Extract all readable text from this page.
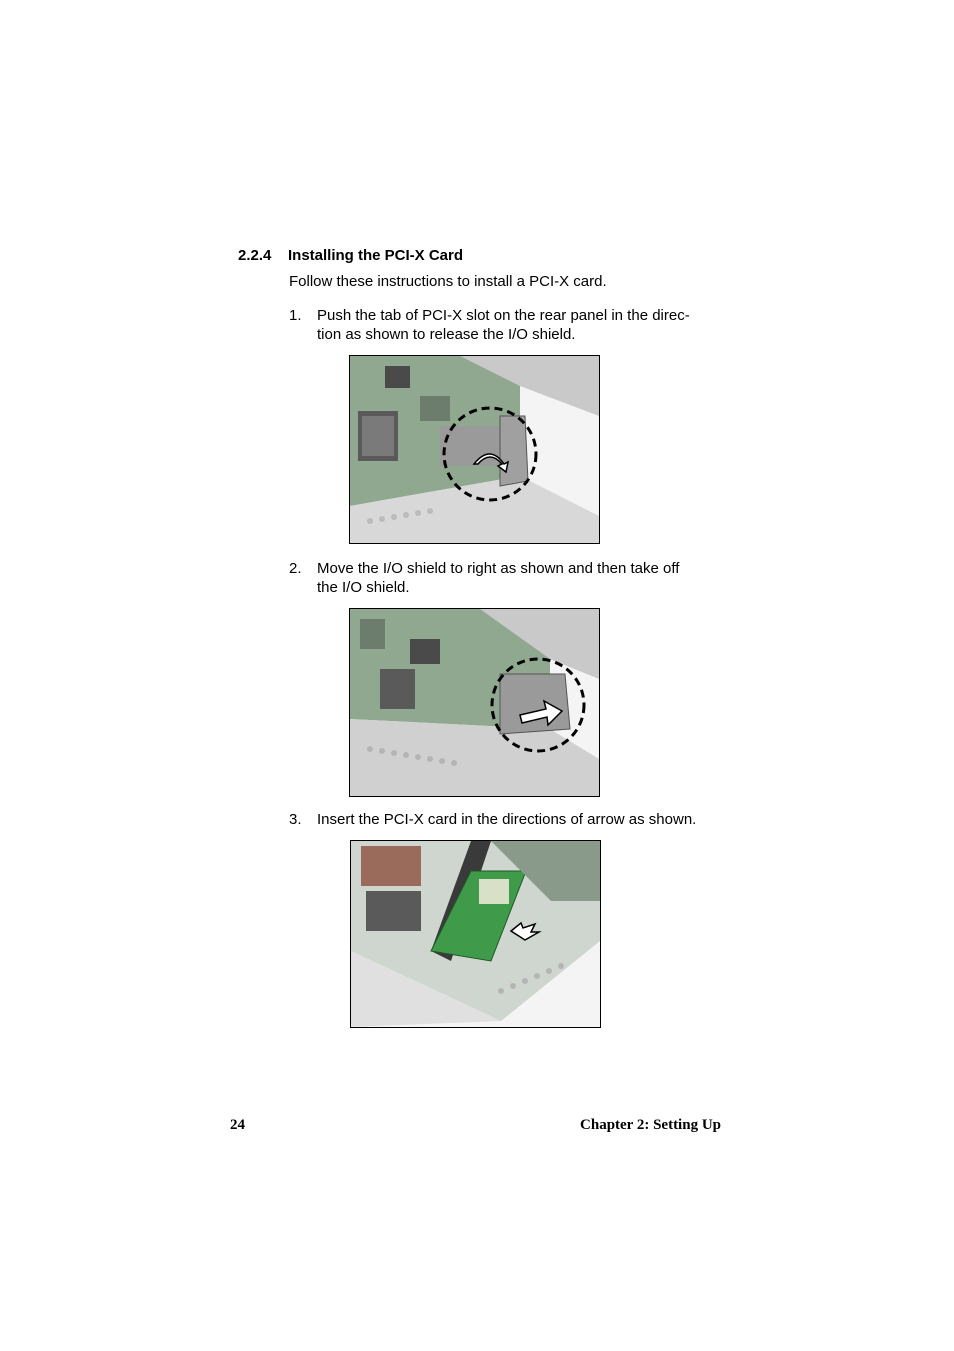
2.2.4 Installing the PCI-X Card
Follow these instructions to install a PCI-X card.
1. Push the tab of PCI-X slot on the rear panel in the direc-
tion as shown to release the I/O shield.
2. Move the I/O shield to right as shown and then take off
the I/O shield.
3. Insert the PCI-X card in the directions of arrow as shown.
24	Chapter 2: Setting Up
